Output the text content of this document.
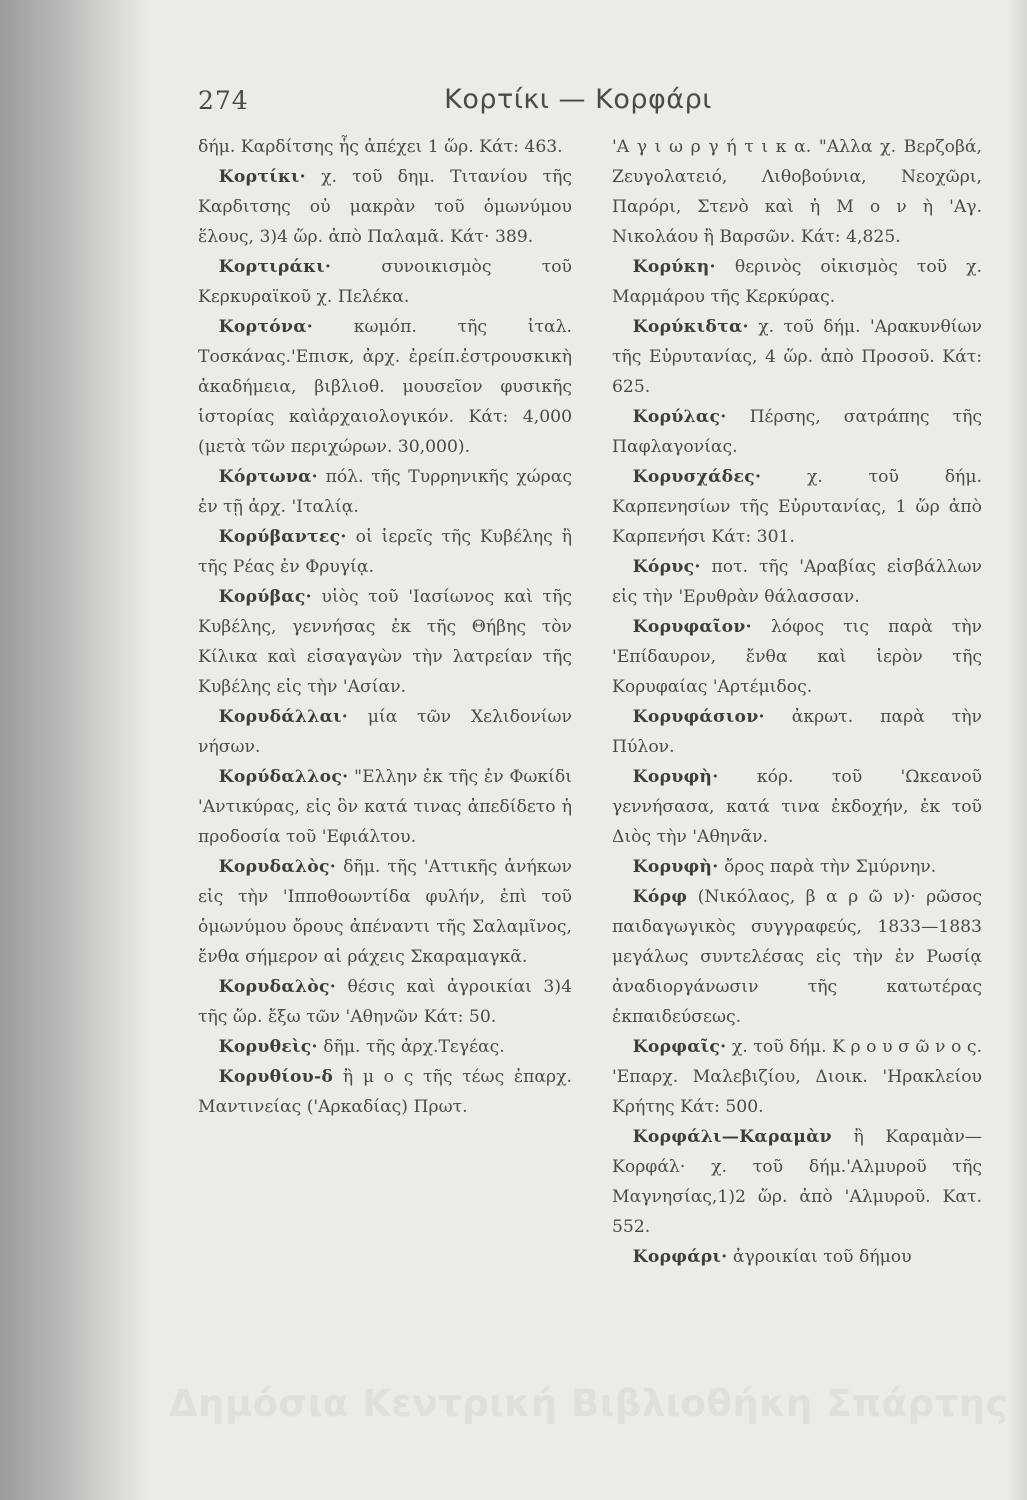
274	Κορτίκι — Κορφάρι

δήμ. Καρδίτσης ἧς ἀπέχει 1 ὥρ. Κάτ: 463.

Κορτίκι· χ. τοῦ δημ. Τιτανίου τῆς Καρδιτσης οὐ μακρὰν τοῦ ὁμωνύμου ἕλους, 3)4 ὥρ. ἀπὸ Παλαμᾶ. Κάτ· 389.

Κορτιράκι· συνοικισμὸς τοῦ Κερκυραϊκοῦ χ. Πελέκα.

Κορτόνα· κωμόπ. τῆς ἰταλ. Τοσκάνας.'Επισκ, ἀρχ. ἐρείπ.ἐστρουσκικὴ ἀκαδήμεια, βιβλιοθ. μουσεῖον φυσικῆς ἱστορίας καὶἀρχαιολογικόν. Κάτ: 4,000 (μετὰ τῶν περιχώρων. 30,000).

Κόρτωνα· πόλ. τῆς Τυρρηνικῆς χώρας ἐν τῇ ἀρχ. 'Ιταλίᾳ.

Κορύβαντες· οἱ ἱερεῖς τῆς Κυβέλης ἢ τῆς Ρέας ἐν Φρυγίᾳ.

Κορύβας· υἱὸς τοῦ 'Ιασίωνος καὶ τῆς Κυβέλης, γεννήσας ἐκ τῆς Θήβης τὸν Κίλικα καὶ εἰσαγαγὼν τὴν λατρείαν τῆς Κυβέλης εἰς τὴν 'Ασίαν.

Κορυδάλλαι· μία τῶν Χελιδονίων νήσων.

Κορύδαλλος· "Ελλην ἐκ τῆς ἐν Φωκίδι 'Αντικύρας, εἰς ὃν κατά τινας ἀπεδίδετο ἡ προδοσία τοῦ 'Εφιάλτου.

Κορυδαλὸς· δῆμ. τῆς 'Αττικῆς ἀνήκων εἰς τὴν 'Ιπποθοωντίδα φυλήν, ἐπὶ τοῦ ὁμωνύμου ὄρους ἀπέναντι τῆς Σαλαμῖνος, ἔνθα σήμερον αἱ ράχεις Σκαραμαγκᾶ.

Κορυδαλὸς· θέσις καὶ ἀγροικίαι 3)4 τῆς ὥρ. ἔξω τῶν 'Αθηνῶν Κάτ: 50.

Κορυθεὶς· δῆμ. τῆς ἀρχ.Τεγέας.

Κορυθίου-δ ἢ μ ο ς τῆς τέως ἐπαρχ. Μαντινείας ('Αρκαδίας) Πρωτ.

'Α γ ι ω ρ γ ή τ ι κ α. "Αλλα χ. Βερζοβά, Ζευγολατειό, Λιθοβούνια, Νεοχῶρι, Παρόρι, Στενὸ καὶ ἡ Μ ο ν ὴ 'Αγ. Νικολάου ἢ Βαρσῶν. Κάτ: 4,825.

Κορύκη· θερινὸς οἰκισμὸς τοῦ χ. Μαρμάρου τῆς Κερκύρας.

Κορύκιδτα· χ. τοῦ δήμ. 'Αρακυνθίων τῆς Εὐρυτανίας, 4 ὥρ. ἀπὸ Προσοῦ. Κάτ: 625.

Κορύλας· Πέρσης, σατράπης τῆς Παφλαγονίας.

Κορυσχάδες· χ. τοῦ δήμ. Καρπενησίων τῆς Εὐρυτανίας, 1 ὥρ ἀπὸ Καρπενήσι Κάτ: 301.

Κόρυς· ποτ. τῆς 'Αραβίας εἰσβάλλων εἰς τὴν 'Ερυθρὰν θάλασσαν.

Κορυφαῖον· λόφος τις παρὰ τὴν 'Επίδαυρον, ἔνθα καὶ ἱερὸν τῆς Κορυφαίας 'Αρτέμιδος.

Κορυφάσιον· ἀκρωτ. παρὰ τὴν Πύλον.

Κορυφὴ· κόρ. τοῦ 'Ωκεανοῦ γεννήσασα, κατά τινα ἐκδοχήν, ἐκ τοῦ Διὸς τὴν 'Αθηνᾶν.

Κορυφὴ· ὄρος παρὰ τὴν Σμύρνην.

Κόρφ (Νικόλαος, β α ρ ῶ ν)· ρῶσος παιδαγωγικὸς συγγραφεύς, 1833—1883 μεγάλως συντελέσας εἰς τὴν ἐν Ρωσίᾳ ἀναδιοργάνωσιν τῆς κατωτέρας ἐκπαιδεύσεως.

Κορφαῖς· χ. τοῦ δήμ. Κ ρ ο υ σ ῶ ν ο ς. 'Επαρχ. Μαλεβιζίου, Διοικ. 'Ηρακλείου Κρήτης Κάτ: 500.

Κορφάλι—Καραμὰν ἢ Καραμὰν—Κορφάλ· χ. τοῦ δήμ.'Αλμυροῦ τῆς Μαγνησίας,1)2 ὥρ. ἀπὸ 'Αλμυροῦ. Κατ. 552.

Κορφάρι· ἀγροικίαι τοῦ δήμου

Δημόσια Κεντρική Βιβλιοθήκη Σπάρτης
